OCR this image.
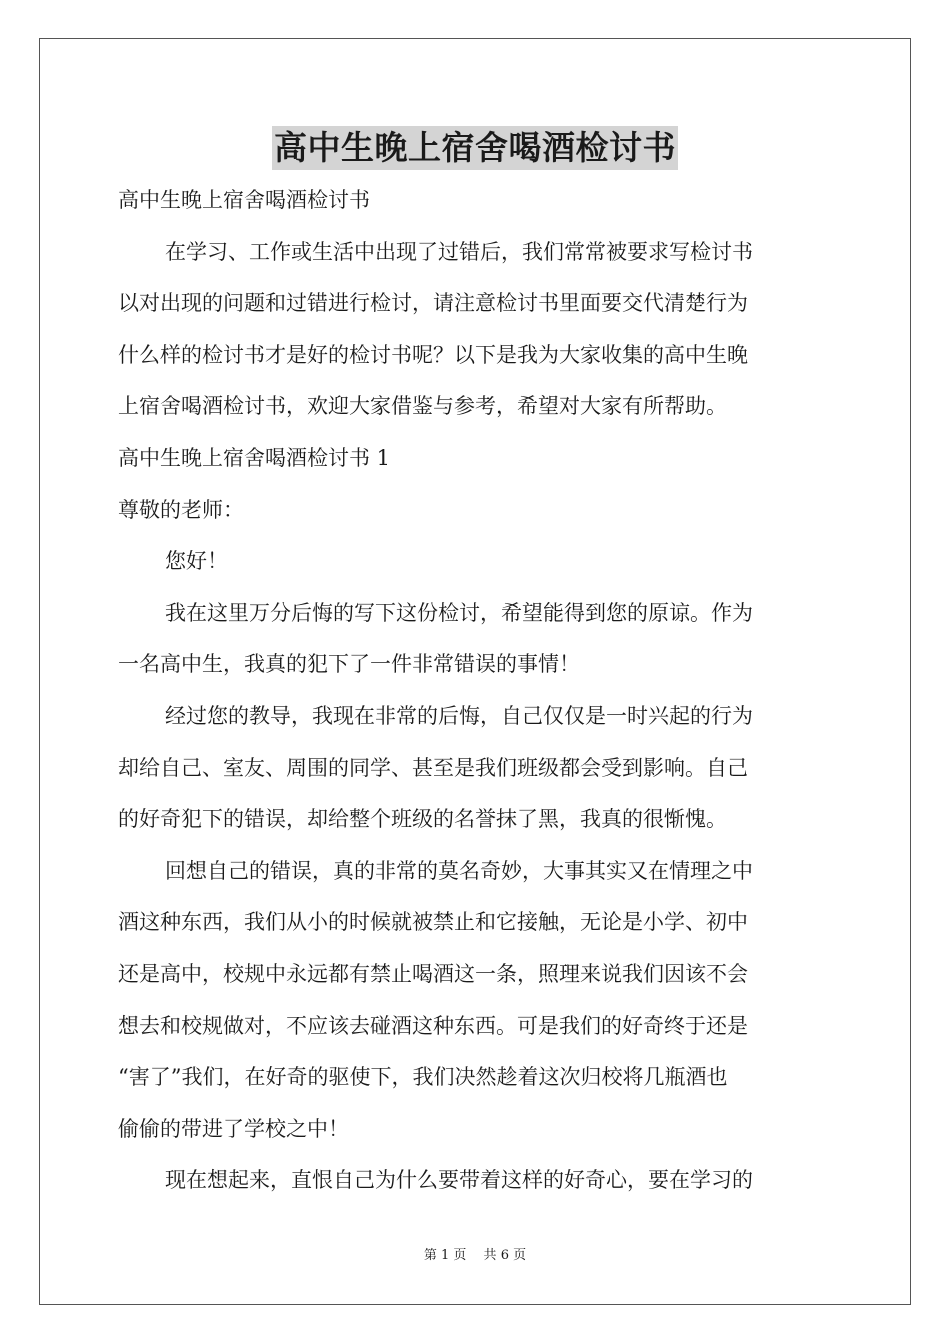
高中生晚上宿舍喝酒检讨书
高中生晚上宿舍喝酒检讨书
在学习、工作或生活中出现了过错后，我们常常被要求写检讨书
以对出现的问题和过错进行检讨，请注意检讨书里面要交代清楚行为
什么样的检讨书才是好的检讨书呢？以下是我为大家收集的高中生晚
上宿舍喝酒检讨书，欢迎大家借鉴与参考，希望对大家有所帮助。
高中生晚上宿舍喝酒检讨书 1
尊敬的老师：
您好！
我在这里万分后悔的写下这份检讨，希望能得到您的原谅。作为
一名高中生，我真的犯下了一件非常错误的事情！
经过您的教导，我现在非常的后悔，自己仅仅是一时兴起的行为
却给自己、室友、周围的同学、甚至是我们班级都会受到影响。自己
的好奇犯下的错误，却给整个班级的名誉抹了黑，我真的很惭愧。
回想自己的错误，真的非常的莫名奇妙，大事其实又在情理之中
酒这种东西，我们从小的时候就被禁止和它接触，无论是小学、初中
还是高中，校规中永远都有禁止喝酒这一条，照理来说我们因该不会
想去和校规做对，不应该去碰酒这种东西。可是我们的好奇终于还是
“害了”我们，在好奇的驱使下，我们决然趁着这次归校将几瓶酒也
偷偷的带进了学校之中！
现在想起来，直恨自己为什么要带着这样的好奇心，要在学习的
第 1 页　 共 6 页
